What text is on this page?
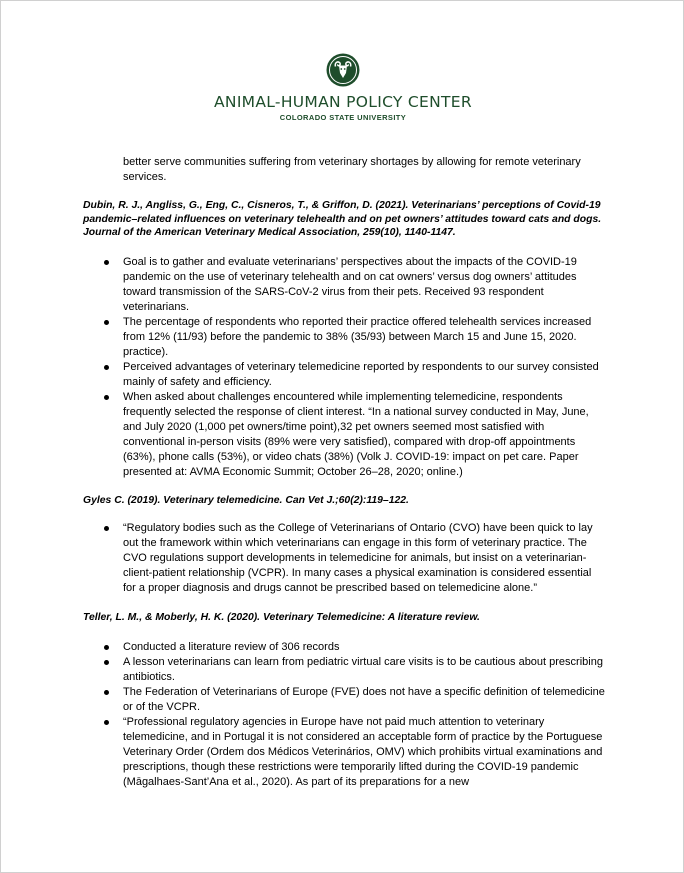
ANIMAL-HUMAN POLICY CENTER
COLORADO STATE UNIVERSITY

better serve communities suffering from veterinary shortages by allowing for remote veterinary services.

Dubin, R. J., Angliss, G., Eng, C., Cisneros, T., & Griffon, D. (2021). Veterinarians’ perceptions of Covid-19 pandemic–related influences on veterinary telehealth and on pet owners’ attitudes toward cats and dogs. Journal of the American Veterinary Medical Association, 259(10), 1140-1147.

Goal is to gather and evaluate veterinarians’ perspectives about the impacts of the COVID-19 pandemic on the use of veterinary telehealth and on cat owners’ versus dog owners’ attitudes toward transmission of the SARS-CoV-2 virus from their pets. Received 93 respondent veterinarians.
The percentage of respondents who reported their practice offered telehealth services increased from 12% (11/93) before the pandemic to 38% (35/93) between March 15 and June 15, 2020. practice).
Perceived advantages of veterinary telemedicine reported by respondents to our survey consisted mainly of safety and efficiency.
When asked about challenges encountered while implementing telemedicine, respondents frequently selected the response of client interest. “In a national survey conducted in May, June, and July 2020 (1,000 pet owners/time point),32 pet owners seemed most satisfied with conventional in-person visits (89% were very satisfied), compared with drop-off appointments (63%), phone calls (53%), or video chats (38%) (Volk J. COVID-19: impact on pet care. Paper presented at: AVMA Economic Summit; October 26–28, 2020; online.)

Gyles C. (2019). Veterinary telemedicine. Can Vet J.;60(2):119–122.

“Regulatory bodies such as the College of Veterinarians of Ontario (CVO) have been quick to lay out the framework within which veterinarians can engage in this form of veterinary practice. The CVO regulations support developments in telemedicine for animals, but insist on a veterinarian-client-patient relationship (VCPR). In many cases a physical examination is considered essential for a proper diagnosis and drugs cannot be prescribed based on telemedicine alone.”

Teller, L. M., & Moberly, H. K. (2020). Veterinary Telemedicine: A literature review.

Conducted a literature review of 306 records
A lesson veterinarians can learn from pediatric virtual care visits is to be cautious about prescribing antibiotics.
The Federation of Veterinarians of Europe (FVE) does not have a specific definition of telemedicine or of the VCPR.
“Professional regulatory agencies in Europe have not paid much attention to veterinary telemedicine, and in Portugal it is not considered an acceptable form of practice by the Portuguese Veterinary Order (Ordem dos Médicos Veterinários, OMV) which prohibits virtual examinations and prescriptions, though these restrictions were temporarily lifted during the COVID-19 pandemic (Māgalhaes-Sant’Ana et al., 2020). As part of its preparations for a new
